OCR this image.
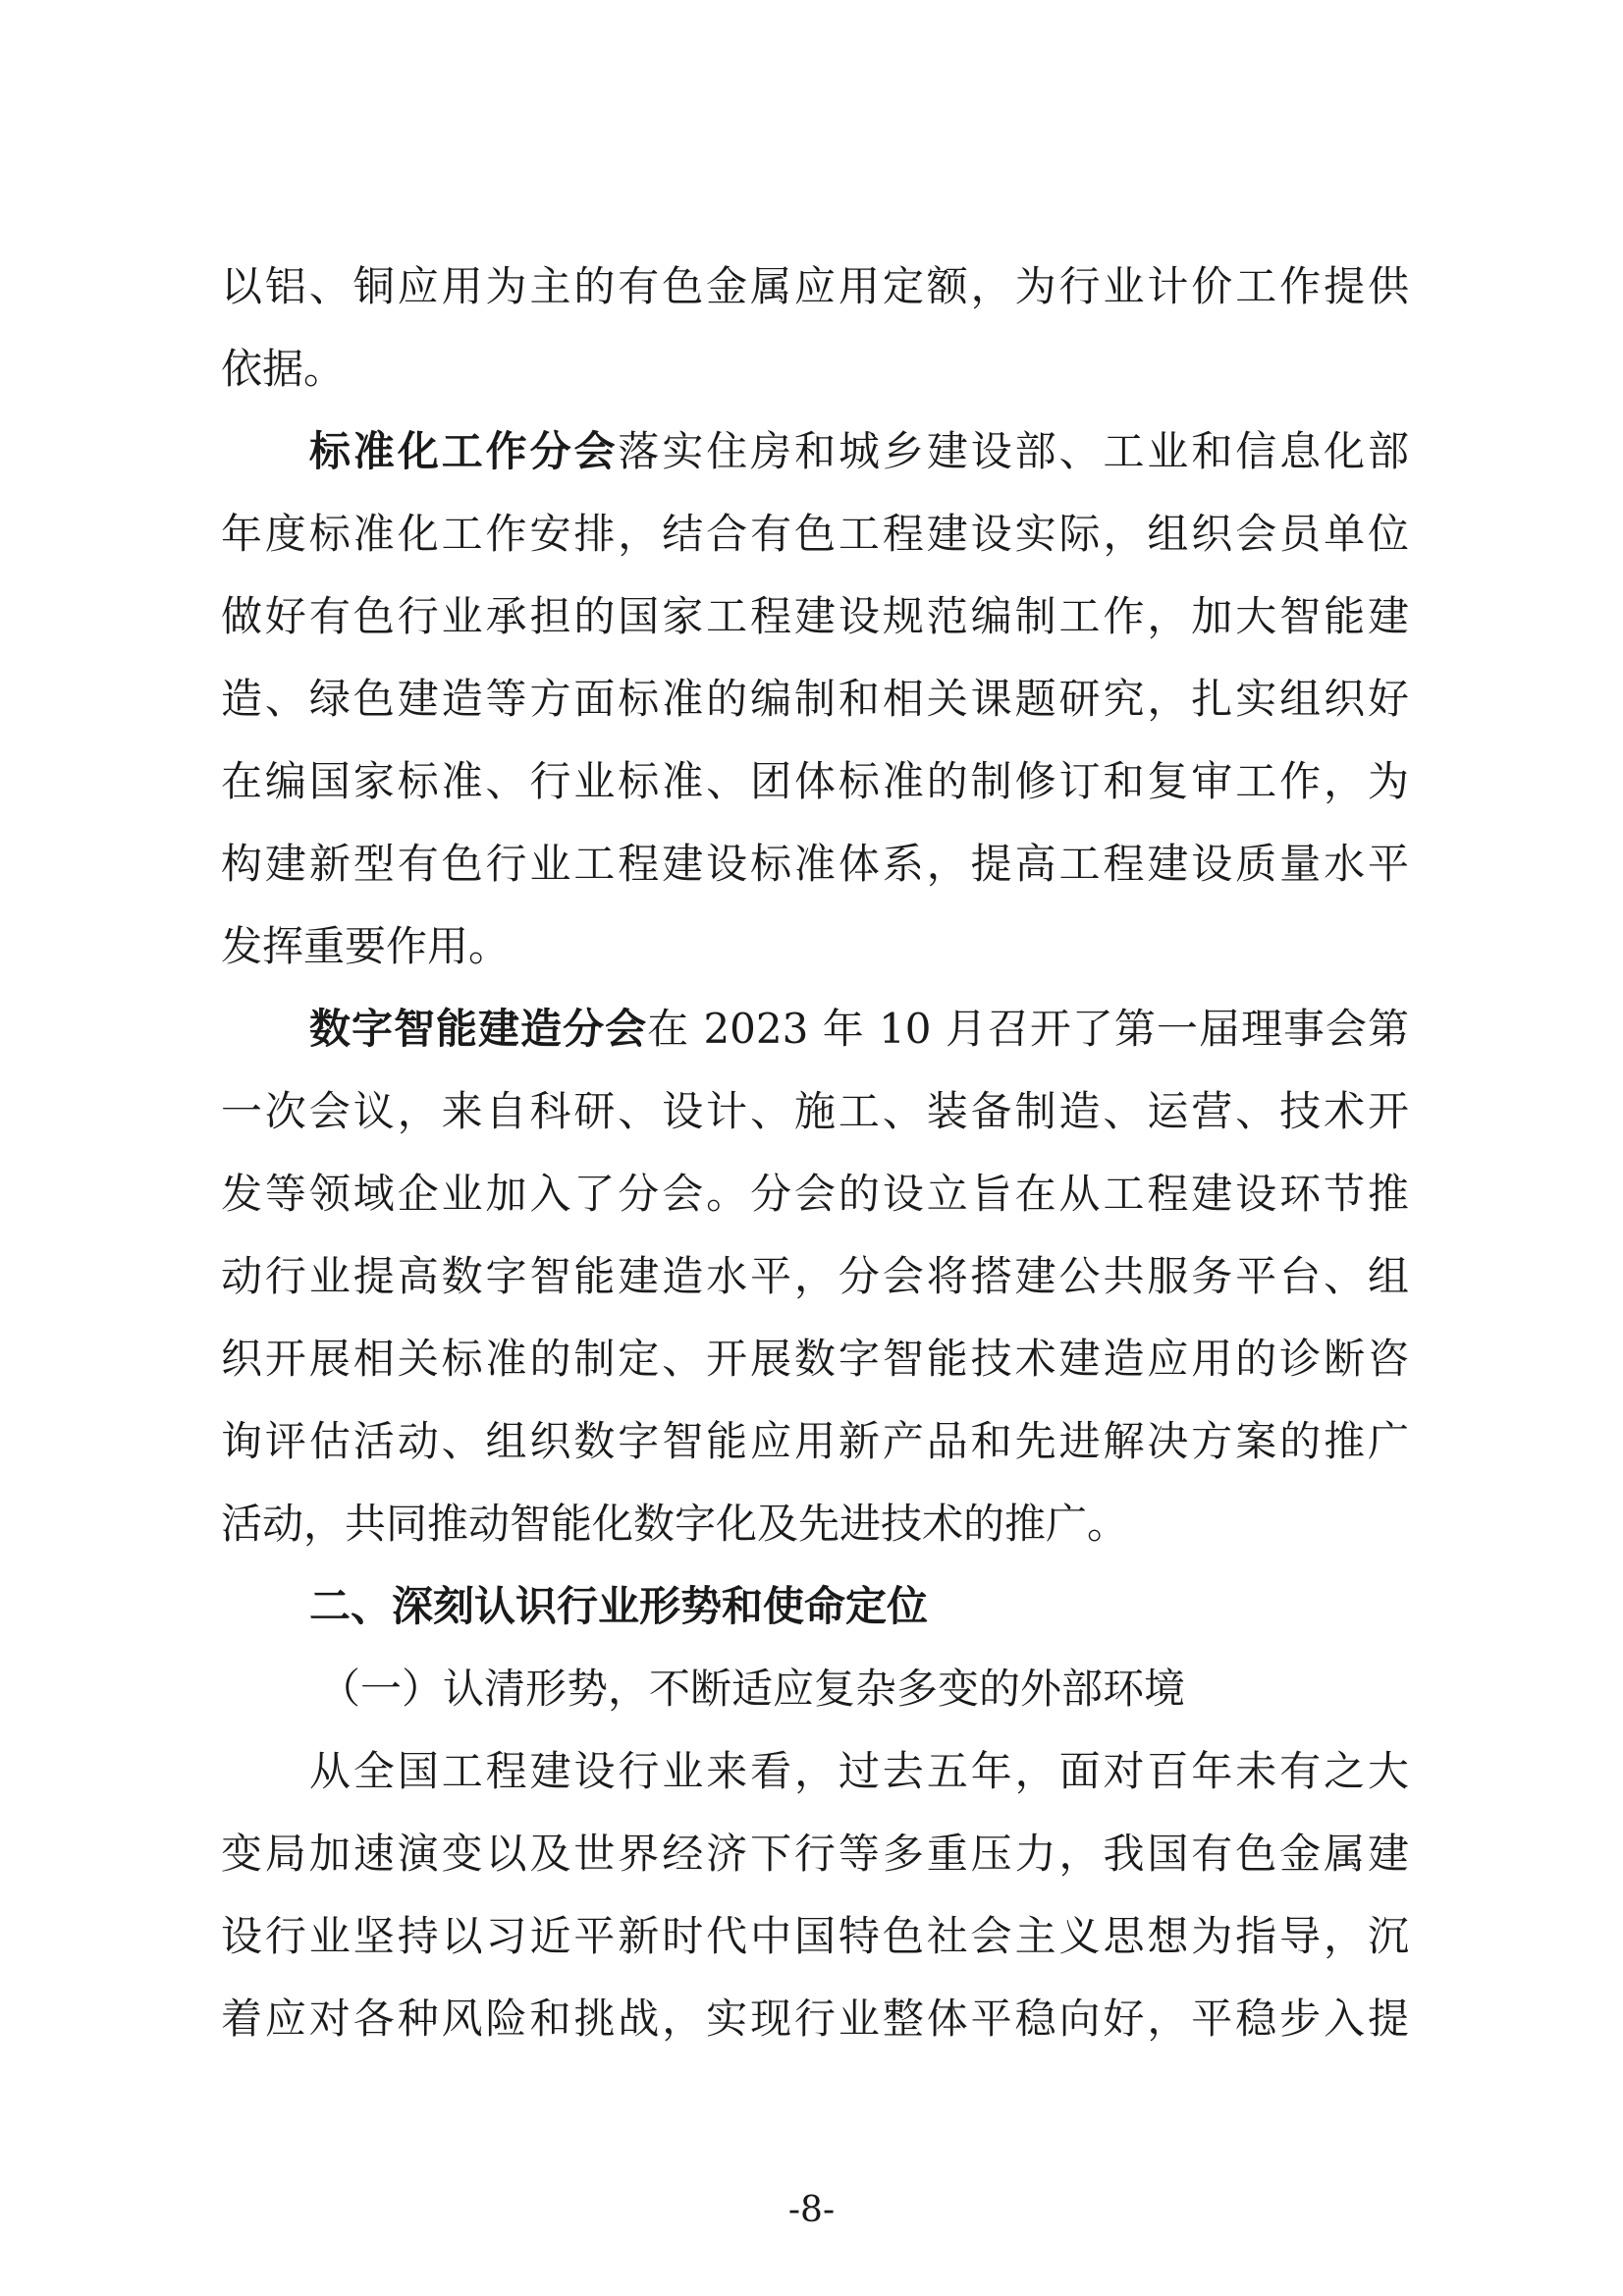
以铝、铜应用为主的有色金属应用定额，为行业计价工作提供
依据。
标准化工作分会落实住房和城乡建设部、工业和信息化部
年度标准化工作安排，结合有色工程建设实际，组织会员单位
做好有色行业承担的国家工程建设规范编制工作，加大智能建
造、绿色建造等方面标准的编制和相关课题研究，扎实组织好
在编国家标准、行业标准、团体标准的制修订和复审工作，为
构建新型有色行业工程建设标准体系，提高工程建设质量水平
发挥重要作用。
数字智能建造分会在 2023 年 10 月召开了第一届理事会第
一次会议，来自科研、设计、施工、装备制造、运营、技术开
发等领域企业加入了分会。分会的设立旨在从工程建设环节推
动行业提高数字智能建造水平，分会将搭建公共服务平台、组
织开展相关标准的制定、开展数字智能技术建造应用的诊断咨
询评估活动、组织数字智能应用新产品和先进解决方案的推广
活动，共同推动智能化数字化及先进技术的推广。
二、深刻认识行业形势和使命定位
（一）认清形势，不断适应复杂多变的外部环境
从全国工程建设行业来看，过去五年，面对百年未有之大
变局加速演变以及世界经济下行等多重压力，我国有色金属建
设行业坚持以习近平新时代中国特色社会主义思想为指导，沉
着应对各种风险和挑战，实现行业整体平稳向好，平稳步入提
-8-
